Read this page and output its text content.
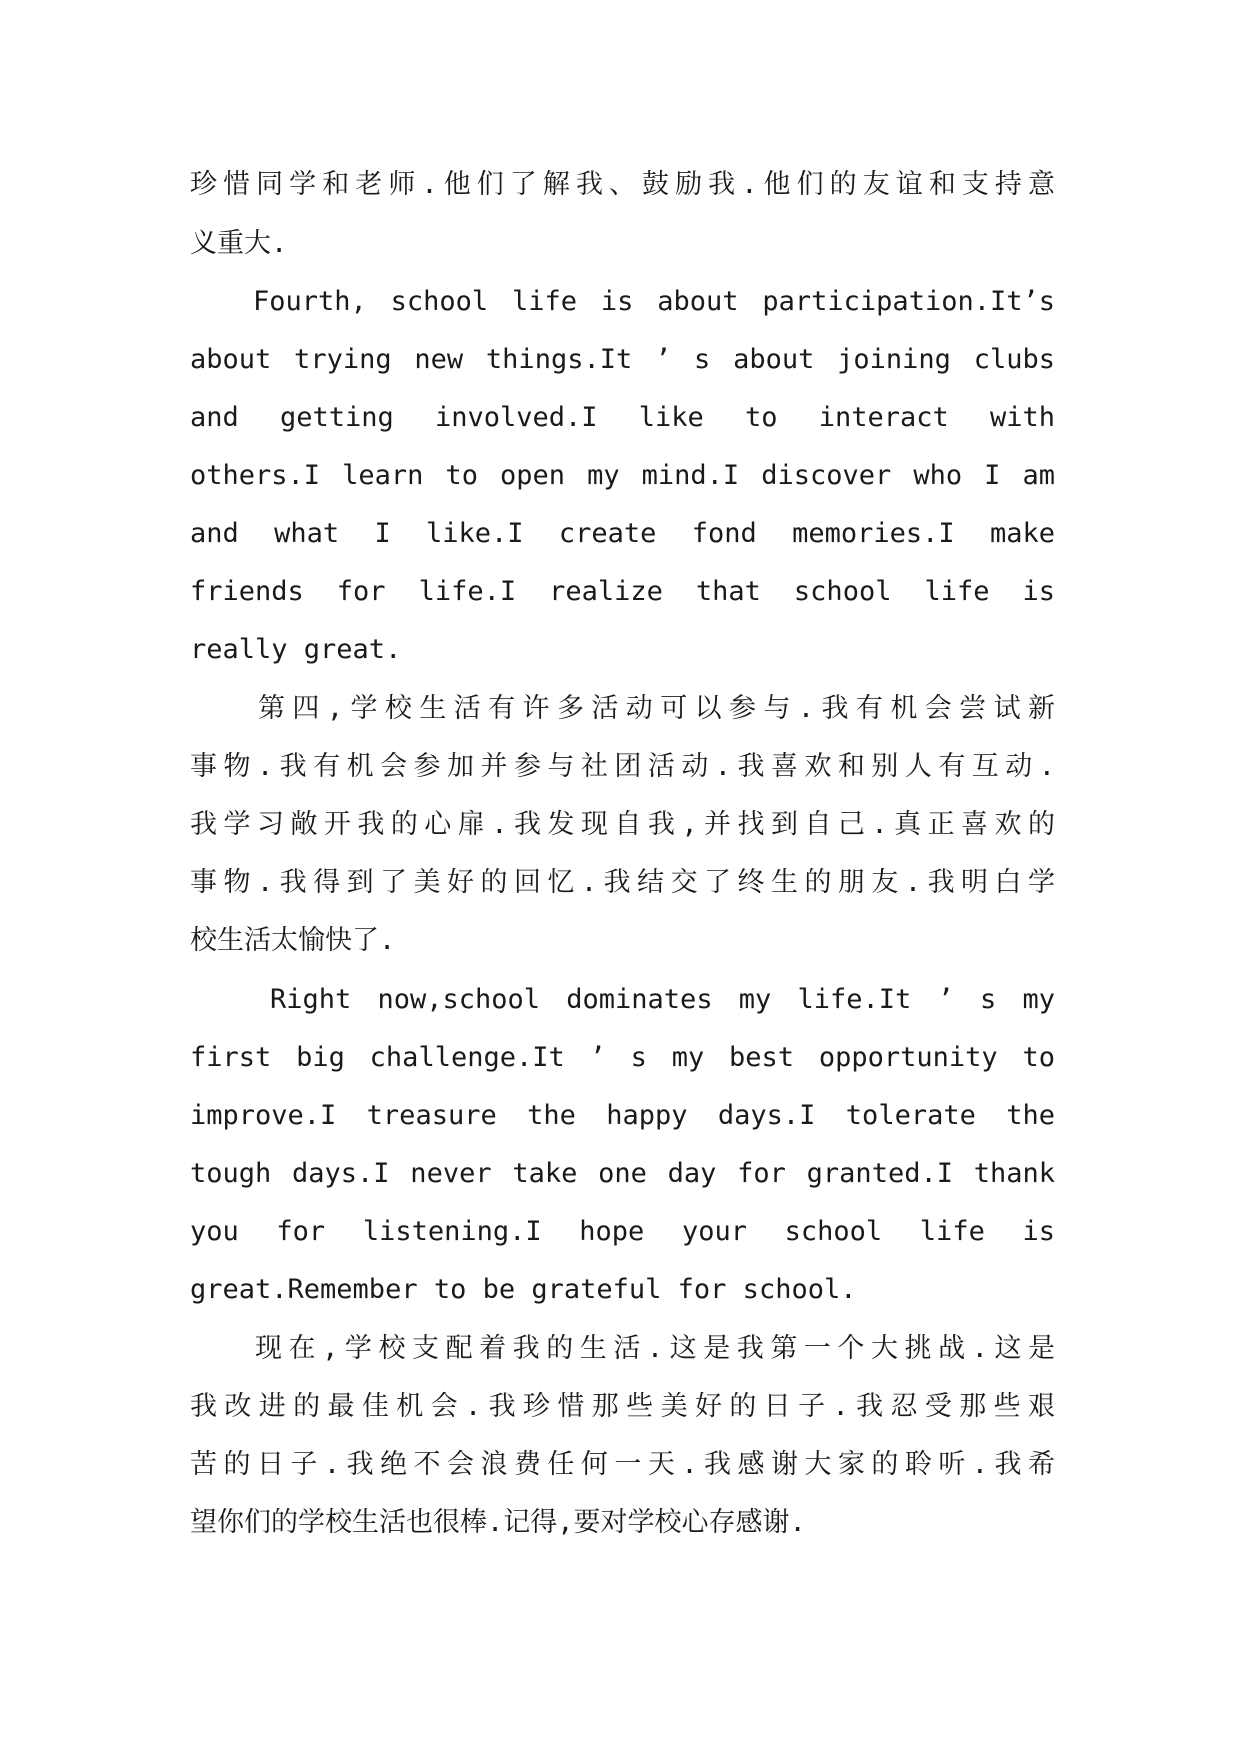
珍惜同学和老师.他们了解我、鼓励我.他们的友谊和支持意
义重大.
Fourth, school life is about participation.It’s
about trying new things.It ’ s about joining clubs
and getting involved.I like to interact with
others.I learn to open my mind.I discover who I am
and what I like.I create fond memories.I make
friends for life.I realize that school life is
really great.
第四,学校生活有许多活动可以参与.我有机会尝试新
事物.我有机会参加并参与社团活动.我喜欢和别人有互动.
我学习敞开我的心扉.我发现自我,并找到自己.真正喜欢的
事物.我得到了美好的回忆.我结交了终生的朋友.我明白学
校生活太愉快了.
Right now,school dominates my life.It ’ s my
first big challenge.It ’ s my best opportunity to
improve.I treasure the happy days.I tolerate the
tough days.I never take one day for granted.I thank
you for listening.I hope your school life is
great.Remember to be grateful for school.
现在,学校支配着我的生活.这是我第一个大挑战.这是
我改进的最佳机会.我珍惜那些美好的日子.我忍受那些艰
苦的日子.我绝不会浪费任何一天.我感谢大家的聆听.我希
望你们的学校生活也很棒.记得,要对学校心存感谢.
